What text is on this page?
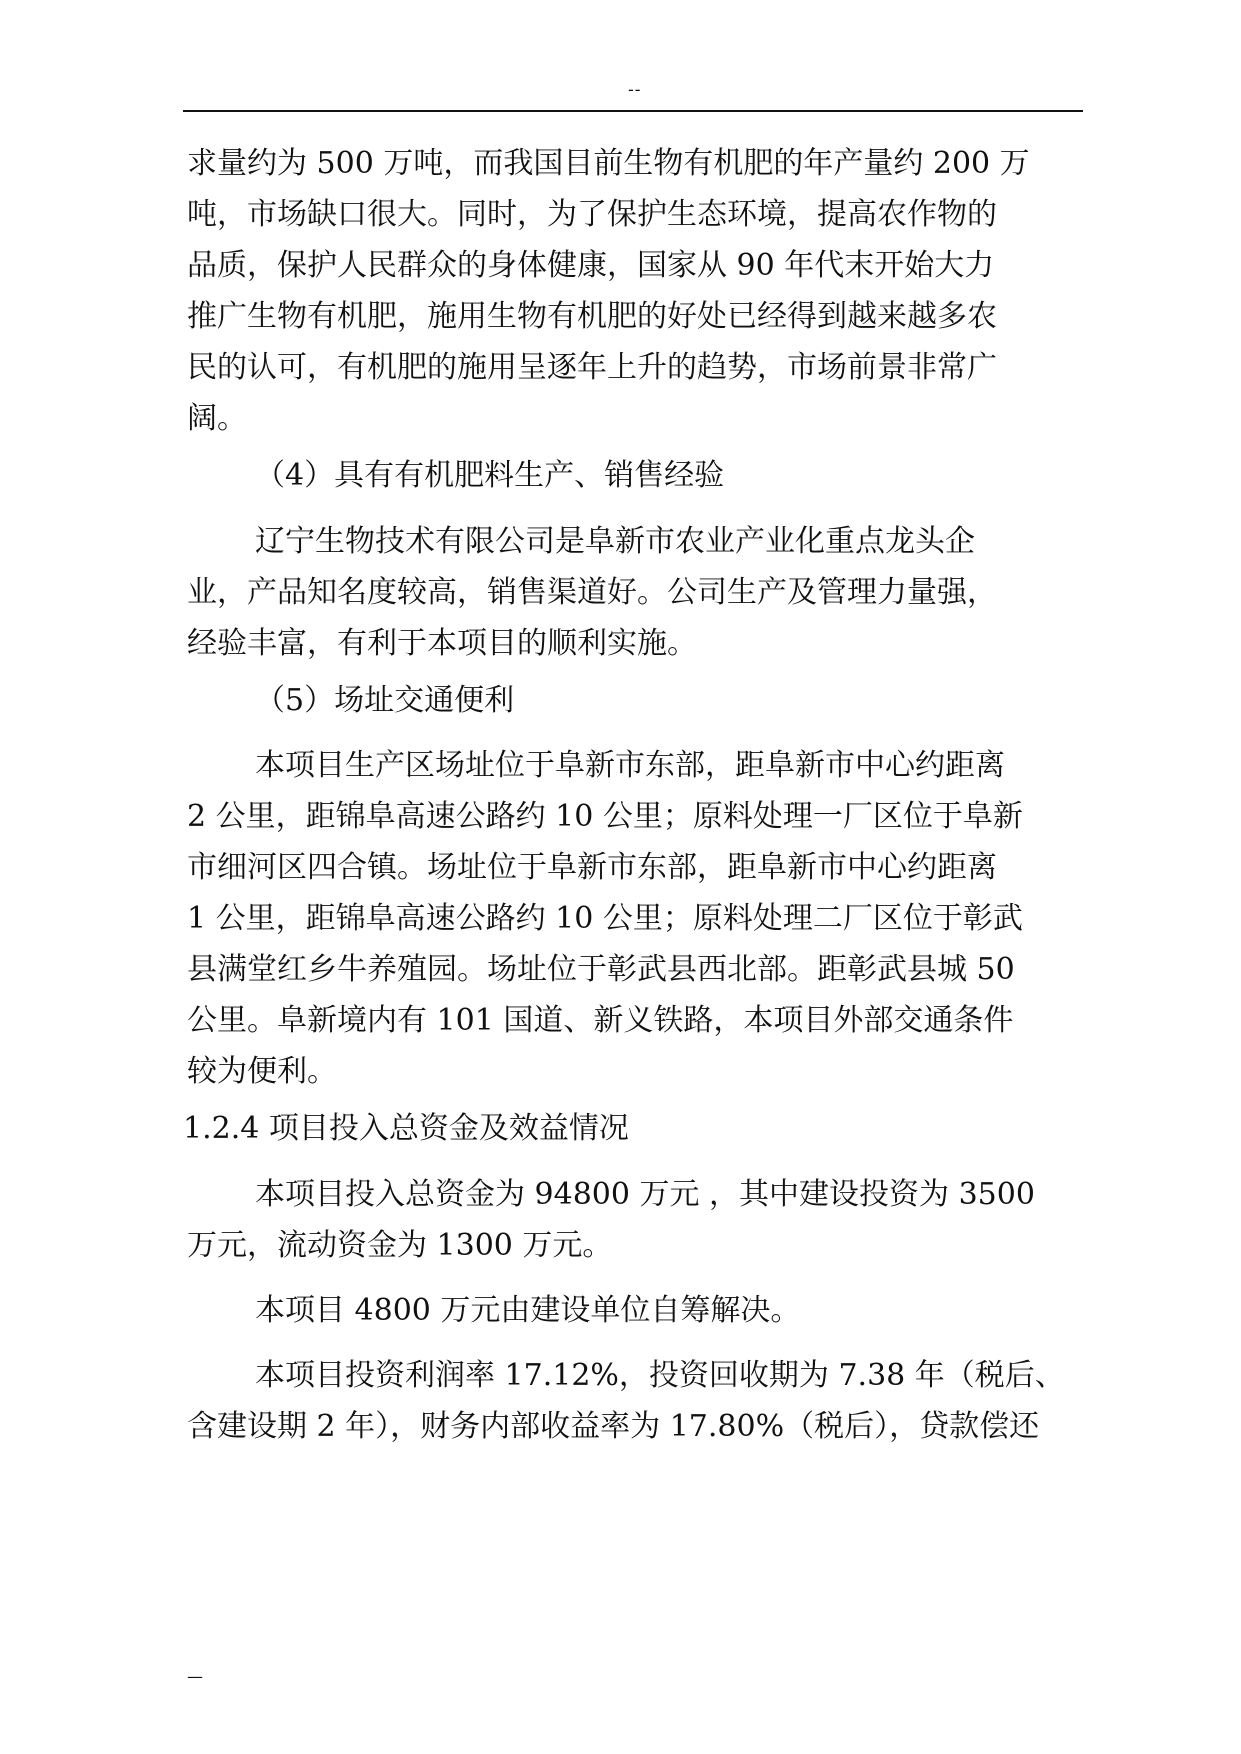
--
求量约为 500 万吨，而我国目前生物有机肥的年产量约 200 万
吨，市场缺口很大。同时，为了保护生态环境，提高农作物的
品质，保护人民群众的身体健康，国家从 90 年代末开始大力
推广生物有机肥，施用生物有机肥的好处已经得到越来越多农
民的认可，有机肥的施用呈逐年上升的趋势，市场前景非常广
阔。
（4）具有有机肥料生产、销售经验
辽宁生物技术有限公司是阜新市农业产业化重点龙头企
业，产品知名度较高，销售渠道好。公司生产及管理力量强，
经验丰富，有利于本项目的顺利实施。
（5）场址交通便利
本项目生产区场址位于阜新市东部，距阜新市中心约距离
2 公里，距锦阜高速公路约 10 公里；原料处理一厂区位于阜新
市细河区四合镇。场址位于阜新市东部，距阜新市中心约距离
1 公里，距锦阜高速公路约 10 公里；原料处理二厂区位于彰武
县满堂红乡牛养殖园。场址位于彰武县西北部。距彰武县城 50
公里。阜新境内有 101 国道、新义铁路，本项目外部交通条件
较为便利。
1.2.4 项目投入总资金及效益情况
本项目投入总资金为 94800 万元 ，其中建设投资为 3500
万元，流动资金为 1300 万元。
本项目 4800 万元由建设单位自筹解决。
本项目投资利润率 17.12%，投资回收期为 7.38 年（税后、
含建设期 2 年），财务内部收益率为 17.80%（税后），贷款偿还
—
